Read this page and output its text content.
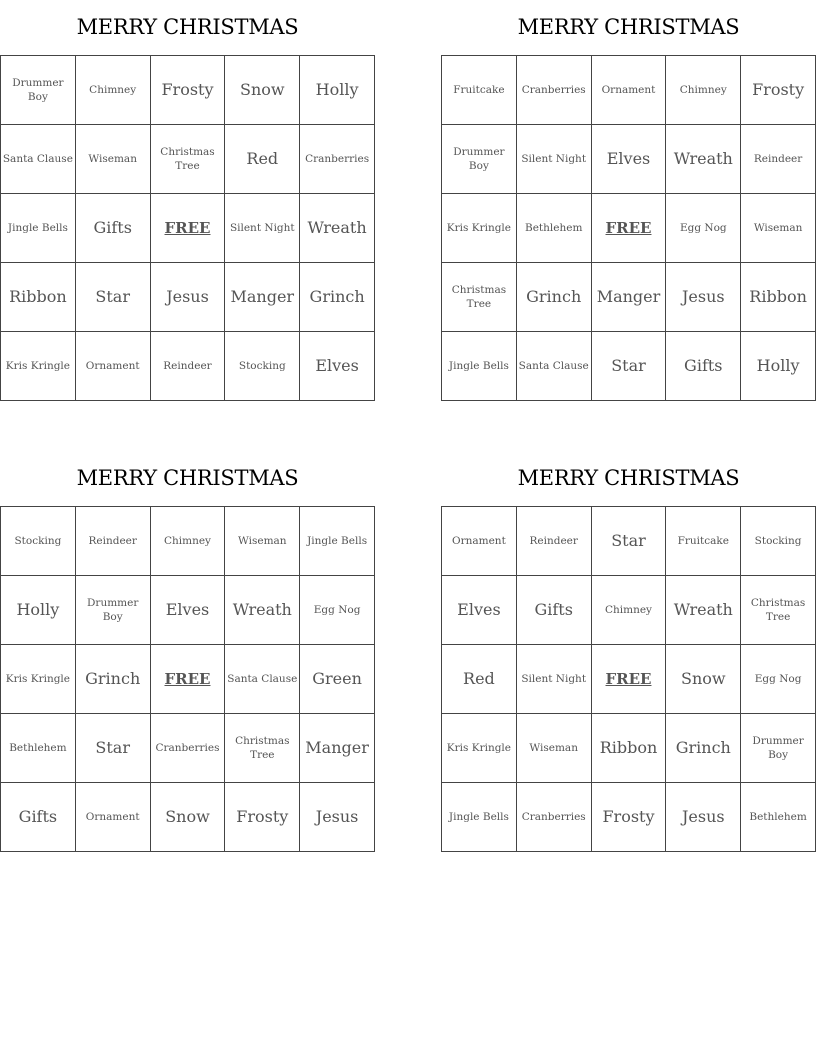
MERRY CHRISTMAS
Drummer Boy	Chimney	Frosty	Snow	Holly
Santa Clause	Wiseman	Christmas Tree	Red	Cranberries
Jingle Bells	Gifts	FREE	Silent Night	Wreath
Ribbon	Star	Jesus	Manger	Grinch
Kris Kringle	Ornament	Reindeer	Stocking	Elves
MERRY CHRISTMAS
Fruitcake	Cranberries	Ornament	Chimney	Frosty
Drummer Boy	Silent Night	Elves	Wreath	Reindeer
Kris Kringle	Bethlehem	FREE	Egg Nog	Wiseman
Christmas Tree	Grinch	Manger	Jesus	Ribbon
Jingle Bells	Santa Clause	Star	Gifts	Holly
MERRY CHRISTMAS
Stocking	Reindeer	Chimney	Wiseman	Jingle Bells
Holly	Drummer Boy	Elves	Wreath	Egg Nog
Kris Kringle	Grinch	FREE	Santa Clause	Green
Bethlehem	Star	Cranberries	Christmas Tree	Manger
Gifts	Ornament	Snow	Frosty	Jesus
MERRY CHRISTMAS
Ornament	Reindeer	Star	Fruitcake	Stocking
Elves	Gifts	Chimney	Wreath	Christmas Tree
Red	Silent Night	FREE	Snow	Egg Nog
Kris Kringle	Wiseman	Ribbon	Grinch	Drummer Boy
Jingle Bells	Cranberries	Frosty	Jesus	Bethlehem
